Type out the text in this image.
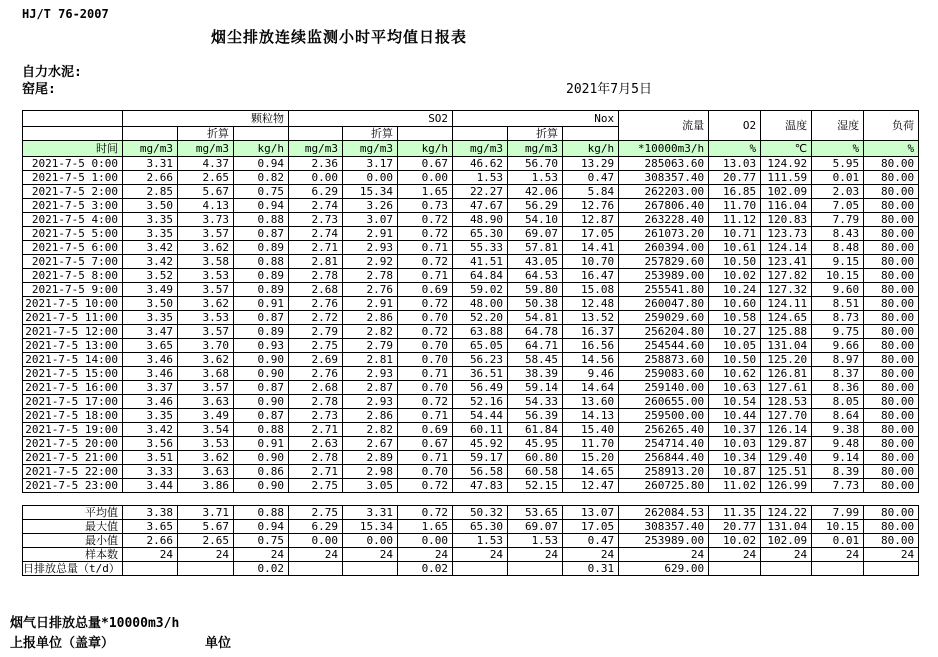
HJ/T 76-2007
烟尘排放连续监测小时平均值日报表
自力水泥:
窑尾:	2021年7月5日
	颗粒物			SO2			Nox			流量	O2	温度	湿度	负荷
		折算			折算			折算						
时间	mg/m3	mg/m3	kg/h	mg/m3	mg/m3	kg/h	mg/m3	mg/m3	kg/h	*10000m3/h	%	℃	%	%
2021-7-5 0:00	3.31	4.37	0.94	2.36	3.17	0.67	46.62	56.70	13.29	285063.60	13.03	124.92	5.95	80.00
2021-7-5 1:00	2.66	2.65	0.82	0.00	0.00	0.00	1.53	1.53	0.47	308357.40	20.77	111.59	0.01	80.00
2021-7-5 2:00	2.85	5.67	0.75	6.29	15.34	1.65	22.27	42.06	5.84	262203.00	16.85	102.09	2.03	80.00
2021-7-5 3:00	3.50	4.13	0.94	2.74	3.26	0.73	47.67	56.29	12.76	267806.40	11.70	116.04	7.05	80.00
2021-7-5 4:00	3.35	3.73	0.88	2.73	3.07	0.72	48.90	54.10	12.87	263228.40	11.12	120.83	7.79	80.00
2021-7-5 5:00	3.35	3.57	0.87	2.74	2.91	0.72	65.30	69.07	17.05	261073.20	10.71	123.73	8.43	80.00
2021-7-5 6:00	3.42	3.62	0.89	2.71	2.93	0.71	55.33	57.81	14.41	260394.00	10.61	124.14	8.48	80.00
2021-7-5 7:00	3.42	3.58	0.88	2.81	2.92	0.72	41.51	43.05	10.70	257829.60	10.50	123.41	9.15	80.00
2021-7-5 8:00	3.52	3.53	0.89	2.78	2.78	0.71	64.84	64.53	16.47	253989.00	10.02	127.82	10.15	80.00
2021-7-5 9:00	3.49	3.57	0.89	2.68	2.76	0.69	59.02	59.80	15.08	255541.80	10.24	127.32	9.60	80.00
2021-7-5 10:00	3.50	3.62	0.91	2.76	2.91	0.72	48.00	50.38	12.48	260047.80	10.60	124.11	8.51	80.00
2021-7-5 11:00	3.35	3.53	0.87	2.72	2.86	0.70	52.20	54.81	13.52	259029.60	10.58	124.65	8.73	80.00
2021-7-5 12:00	3.47	3.57	0.89	2.79	2.82	0.72	63.88	64.78	16.37	256204.80	10.27	125.88	9.75	80.00
2021-7-5 13:00	3.65	3.70	0.93	2.75	2.79	0.70	65.05	64.71	16.56	254544.60	10.05	131.04	9.66	80.00
2021-7-5 14:00	3.46	3.62	0.90	2.69	2.81	0.70	56.23	58.45	14.56	258873.60	10.50	125.20	8.97	80.00
2021-7-5 15:00	3.46	3.68	0.90	2.76	2.93	0.71	36.51	38.39	9.46	259083.60	10.62	126.81	8.37	80.00
2021-7-5 16:00	3.37	3.57	0.87	2.68	2.87	0.70	56.49	59.14	14.64	259140.00	10.63	127.61	8.36	80.00
2021-7-5 17:00	3.46	3.63	0.90	2.78	2.93	0.72	52.16	54.33	13.60	260655.00	10.54	128.53	8.05	80.00
2021-7-5 18:00	3.35	3.49	0.87	2.73	2.86	0.71	54.44	56.39	14.13	259500.00	10.44	127.70	8.64	80.00
2021-7-5 19:00	3.42	3.54	0.88	2.71	2.82	0.69	60.11	61.84	15.40	256265.40	10.37	126.14	9.38	80.00
2021-7-5 20:00	3.56	3.53	0.91	2.63	2.67	0.67	45.92	45.95	11.70	254714.40	10.03	129.87	9.48	80.00
2021-7-5 21:00	3.51	3.62	0.90	2.78	2.89	0.71	59.17	60.80	15.20	256844.40	10.34	129.40	9.14	80.00
2021-7-5 22:00	3.33	3.63	0.86	2.71	2.98	0.70	56.58	60.58	14.65	258913.20	10.87	125.51	8.39	80.00
2021-7-5 23:00	3.44	3.86	0.90	2.75	3.05	0.72	47.83	52.15	12.47	260725.80	11.02	126.99	7.73	80.00

平均值	3.38	3.71	0.88	2.75	3.31	0.72	50.32	53.65	13.07	262084.53	11.35	124.22	7.99	80.00
最大值	3.65	5.67	0.94	6.29	15.34	1.65	65.30	69.07	17.05	308357.40	20.77	131.04	10.15	80.00
最小值	2.66	2.65	0.75	0.00	0.00	0.00	1.53	1.53	0.47	253989.00	10.02	102.09	0.01	80.00
样本数	24	24	24	24	24	24	24	24	24	24	24	24	24	24
日排放总量（t/d）			0.02			0.02			0.31	629.00				
烟气日排放总量*10000m3/h
上报单位（盖章）	单位
